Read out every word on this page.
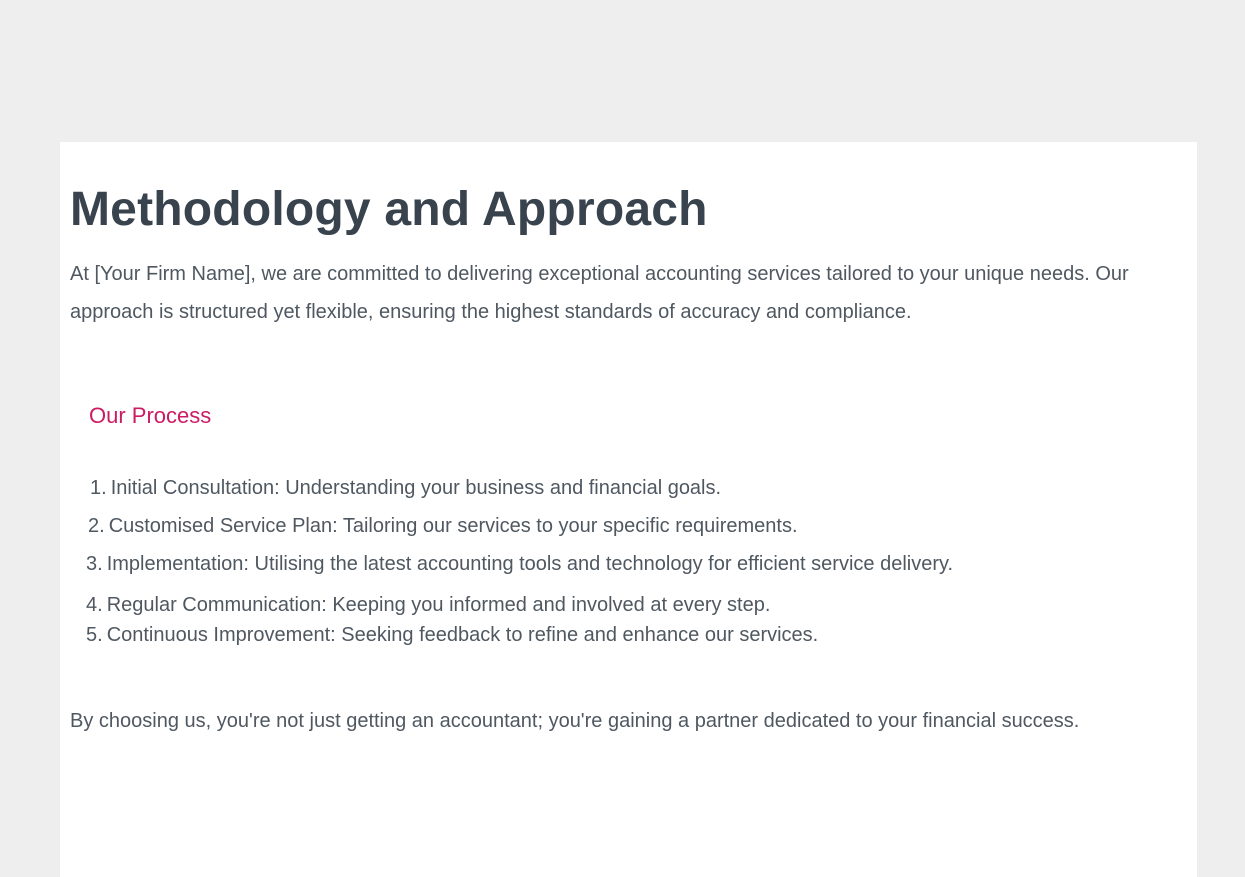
Methodology and Approach

At [Your Firm Name], we are committed to delivering exceptional accounting services tailored to your unique needs. Our approach is structured yet flexible, ensuring the highest standards of accuracy and compliance.

Our Process
1. Initial Consultation: Understanding your business and financial goals.
2. Customised Service Plan: Tailoring our services to your specific requirements.
3. Implementation: Utilising the latest accounting tools and technology for efficient service delivery.
4. Regular Communication: Keeping you informed and involved at every step.
5. Continuous Improvement: Seeking feedback to refine and enhance our services.

By choosing us, you're not just getting an accountant; you're gaining a partner dedicated to your financial success.
